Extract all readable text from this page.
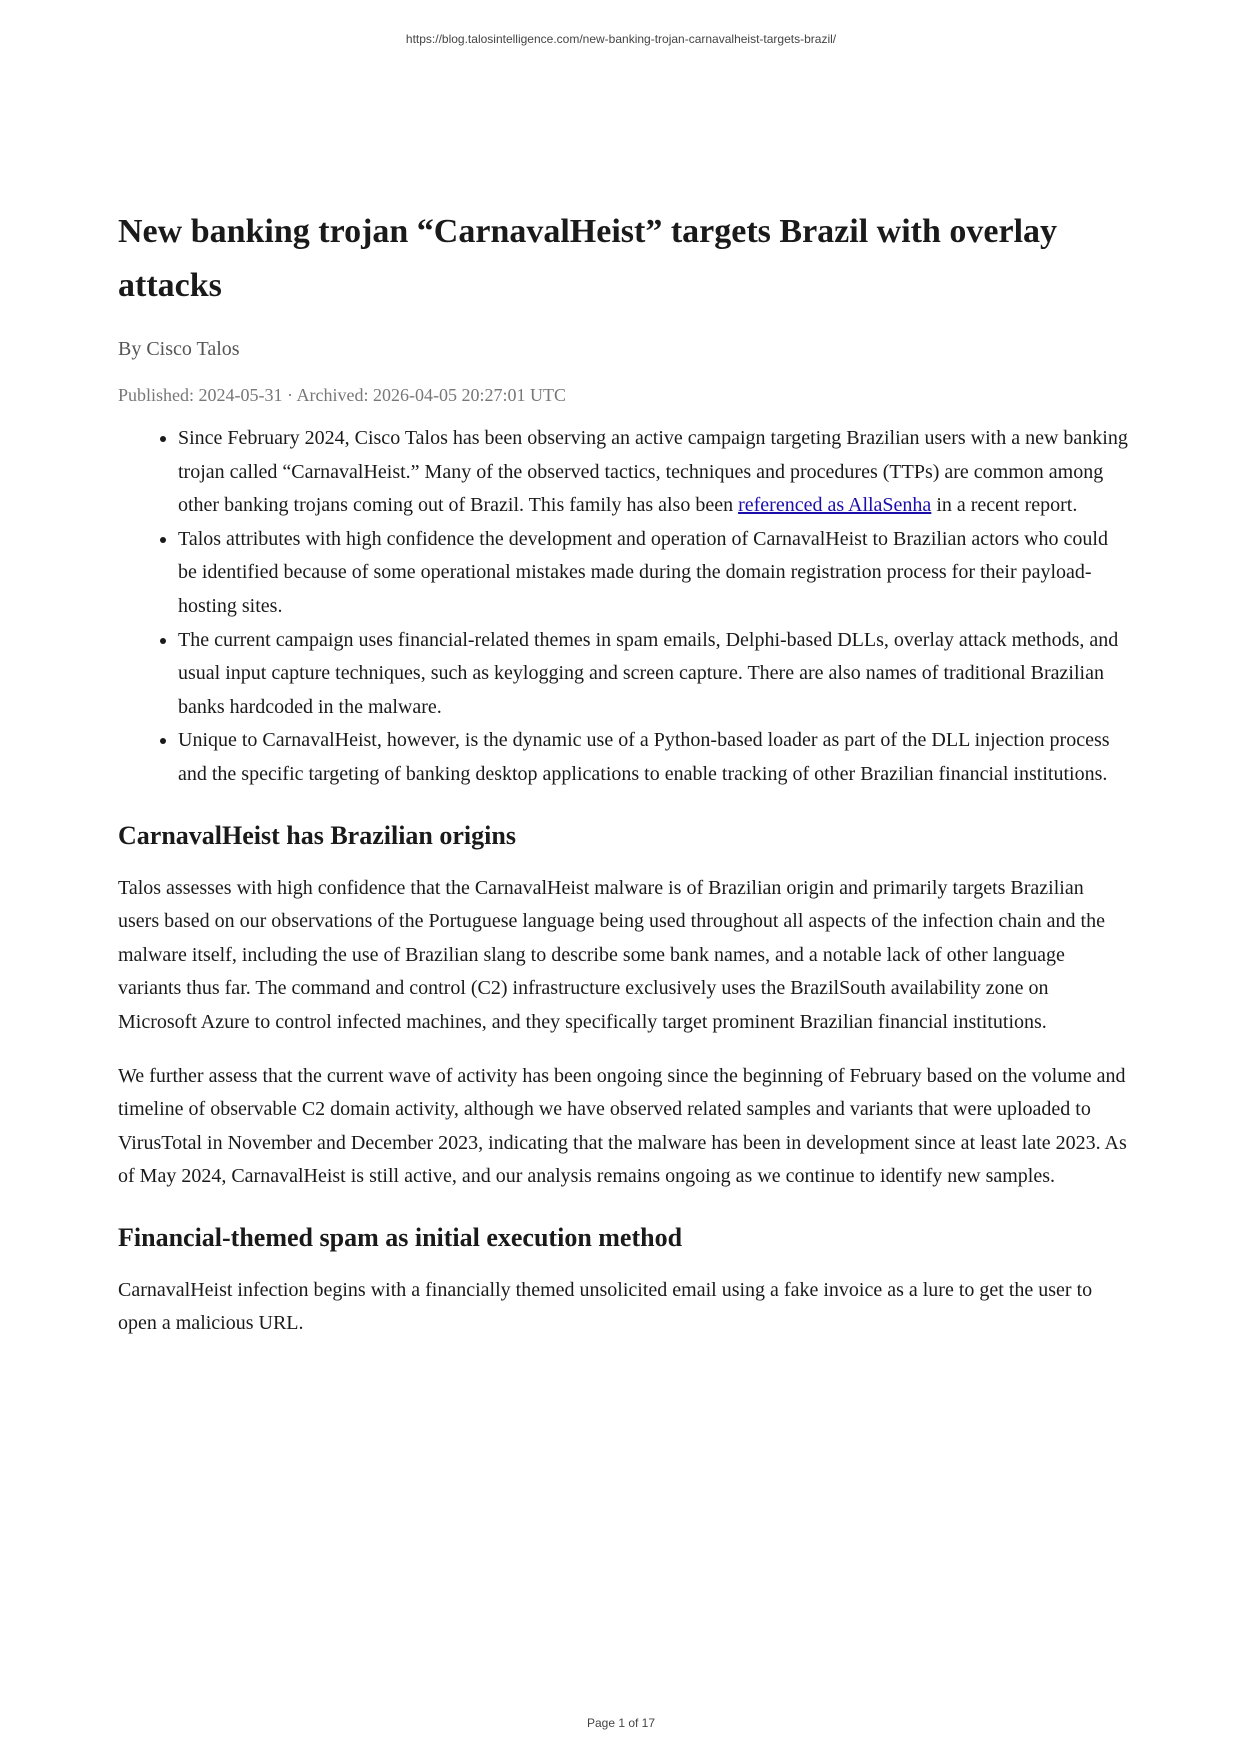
https://blog.talosintelligence.com/new-banking-trojan-carnavalheist-targets-brazil/
New banking trojan “CarnavalHeist” targets Brazil with overlay attacks
By Cisco Talos
Published: 2024-05-31 · Archived: 2026-04-05 20:27:01 UTC
• Since February 2024, Cisco Talos has been observing an active campaign targeting Brazilian users with a new banking trojan called “CarnavalHeist.” Many of the observed tactics, techniques and procedures (TTPs) are common among other banking trojans coming out of Brazil. This family has also been referenced as AllaSenha in a recent report.
• Talos attributes with high confidence the development and operation of CarnavalHeist to Brazilian actors who could be identified because of some operational mistakes made during the domain registration process for their payload-hosting sites.
• The current campaign uses financial-related themes in spam emails, Delphi-based DLLs, overlay attack methods, and usual input capture techniques, such as keylogging and screen capture. There are also names of traditional Brazilian banks hardcoded in the malware.
• Unique to CarnavalHeist, however, is the dynamic use of a Python-based loader as part of the DLL injection process and the specific targeting of banking desktop applications to enable tracking of other Brazilian financial institutions.
CarnavalHeist has Brazilian origins

Talos assesses with high confidence that the CarnavalHeist malware is of Brazilian origin and primarily targets Brazilian users based on our observations of the Portuguese language being used throughout all aspects of the infection chain and the malware itself, including the use of Brazilian slang to describe some bank names, and a notable lack of other language variants thus far. The command and control (C2) infrastructure exclusively uses the BrazilSouth availability zone on Microsoft Azure to control infected machines, and they specifically target prominent Brazilian financial institutions.

We further assess that the current wave of activity has been ongoing since the beginning of February based on the volume and timeline of observable C2 domain activity, although we have observed related samples and variants that were uploaded to VirusTotal in November and December 2023, indicating that the malware has been in development since at least late 2023. As of May 2024, CarnavalHeist is still active, and our analysis remains ongoing as we continue to identify new samples.

Financial-themed spam as initial execution method

CarnavalHeist infection begins with a financially themed unsolicited email using a fake invoice as a lure to get the user to open a malicious URL.

Page 1 of 17
